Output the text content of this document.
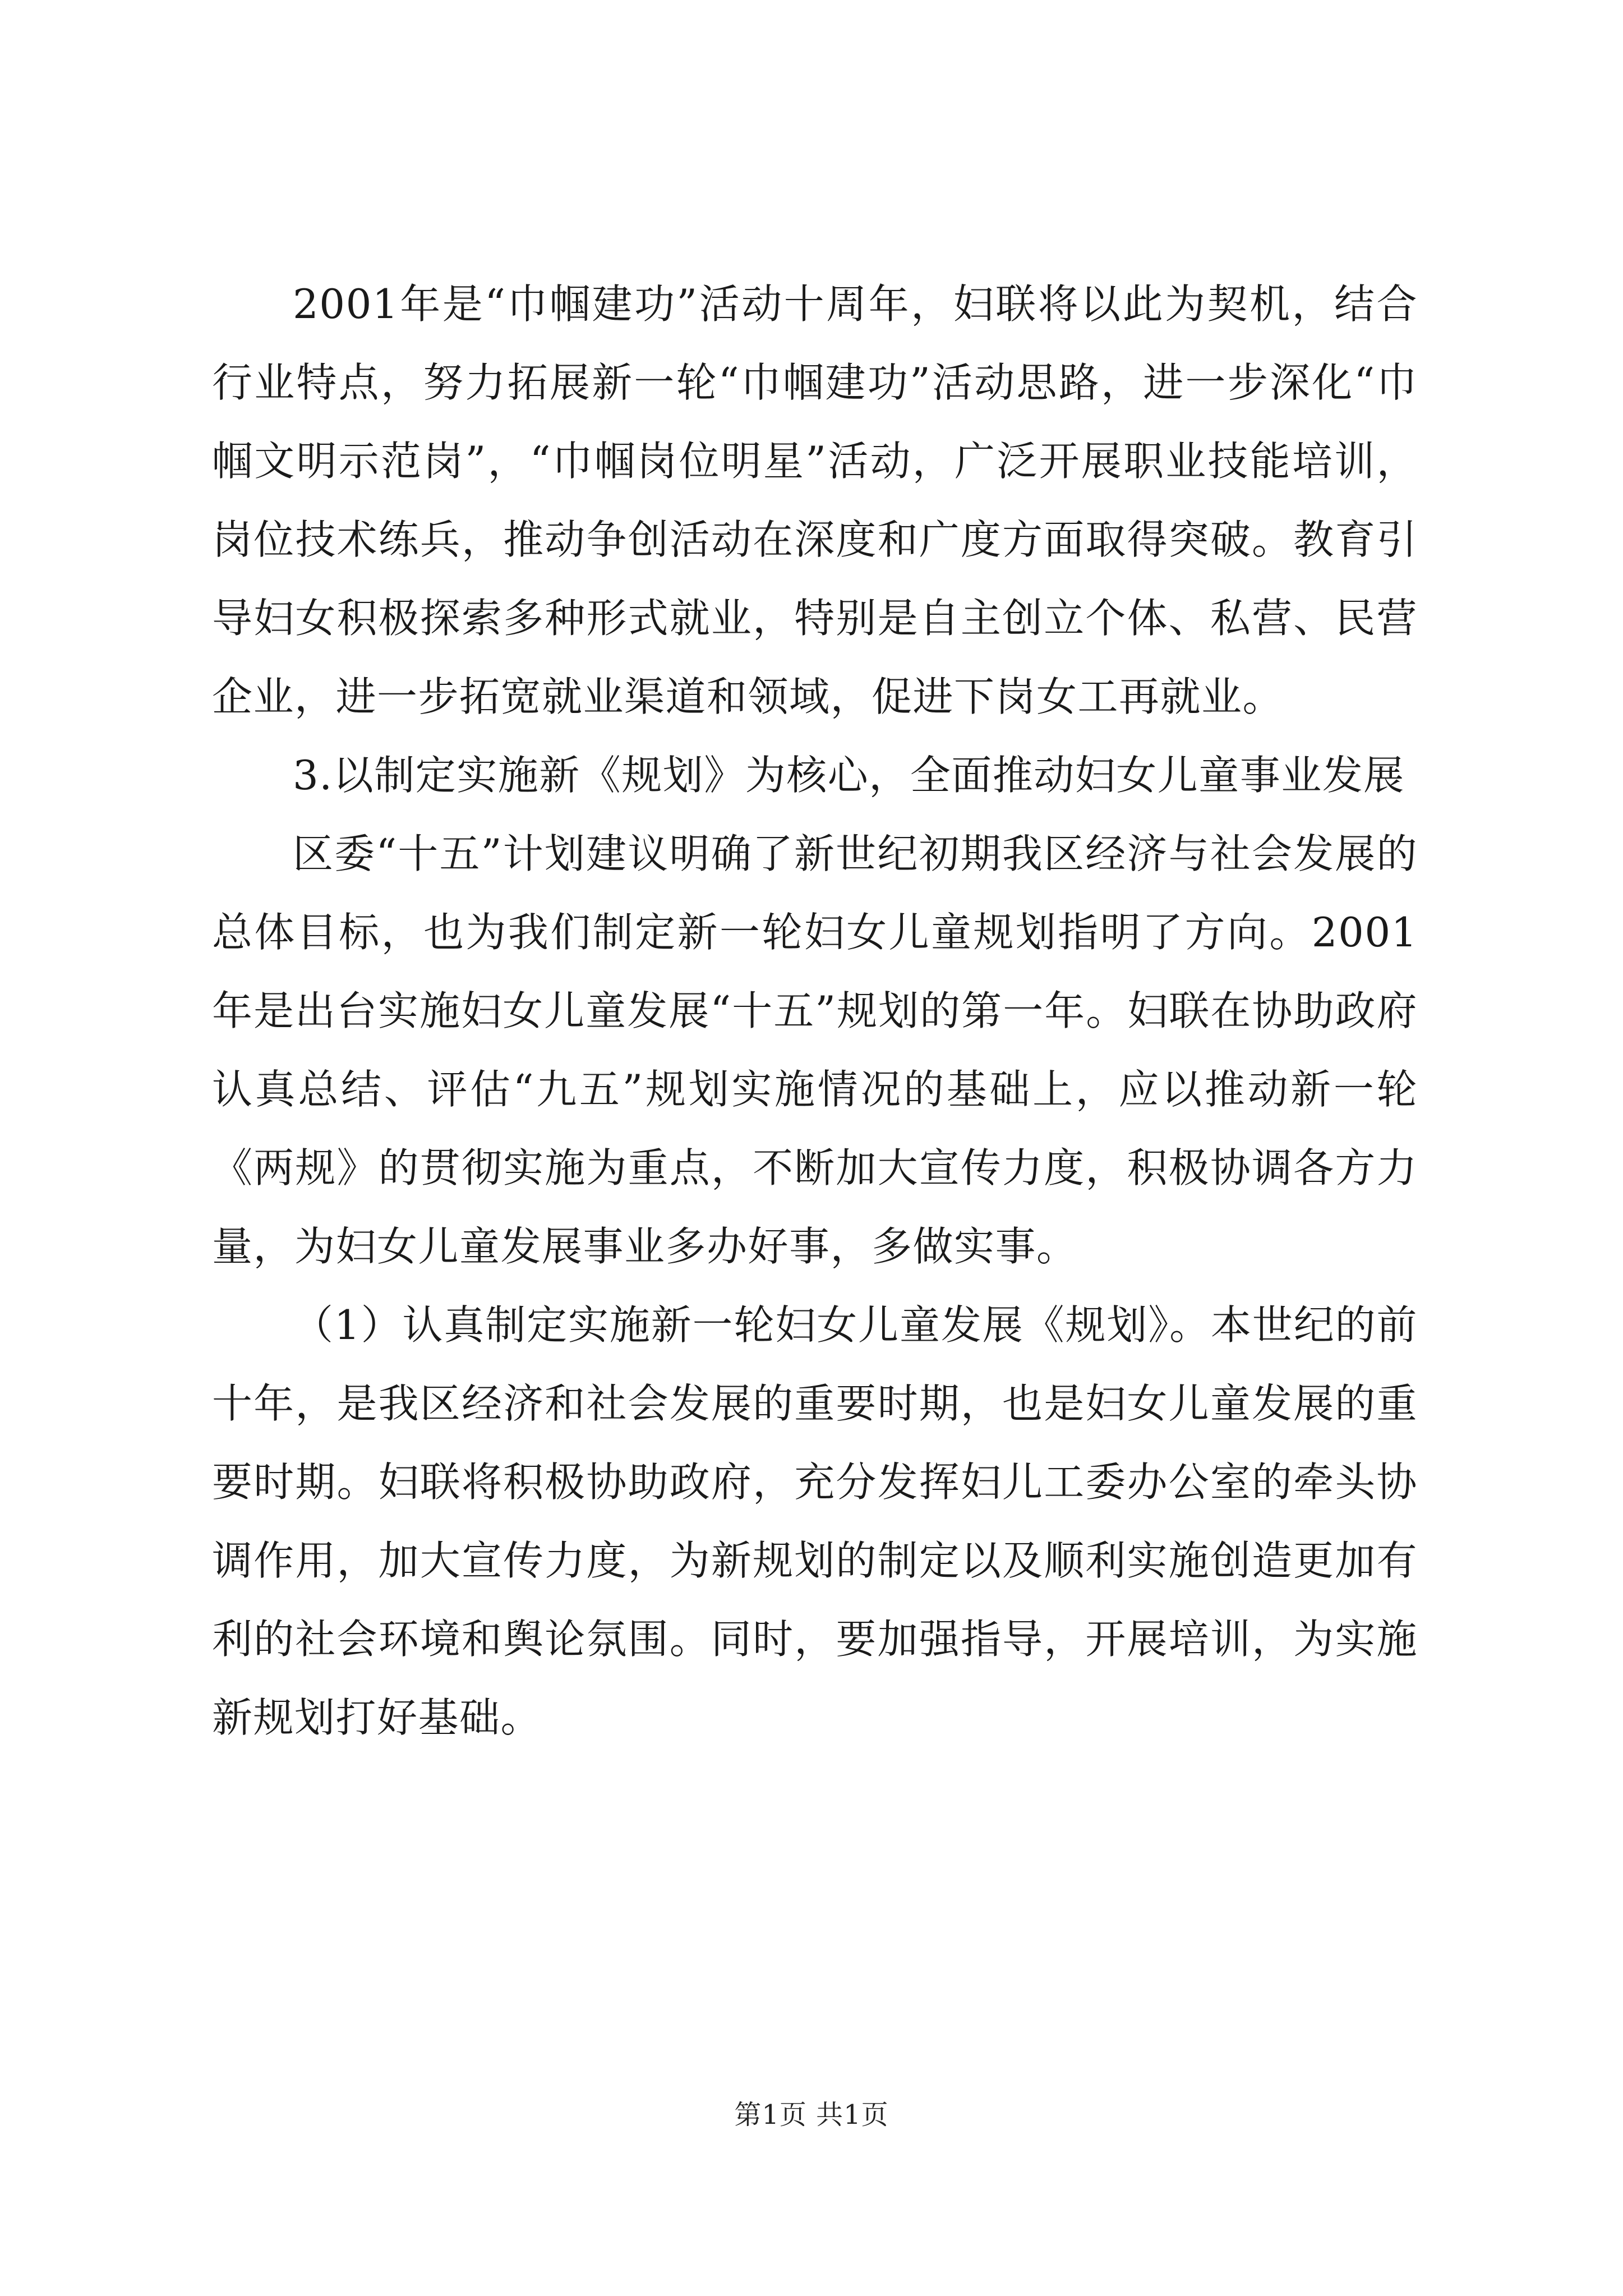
2001年是“巾帼建功”活动十周年，妇联将以此为契机，结合行业特点，努力拓展新一轮“巾帼建功”活动思路，进一步深化“巾帼文明示范岗”，“巾帼岗位明星”活动，广泛开展职业技能培训，岗位技术练兵，推动争创活动在深度和广度方面取得突破。教育引导妇女积极探索多种形式就业，特别是自主创立个体、私营、民营企业，进一步拓宽就业渠道和领域，促进下岗女工再就业。

3.以制定实施新《规划》为核心，全面推动妇女儿童事业发展

区委“十五”计划建议明确了新世纪初期我区经济与社会发展的总体目标，也为我们制定新一轮妇女儿童规划指明了方向。2001年是出台实施妇女儿童发展“十五”规划的第一年。妇联在协助政府认真总结、评估“九五”规划实施情况的基础上，应以推动新一轮《两规》的贯彻实施为重点，不断加大宣传力度，积极协调各方力量，为妇女儿童发展事业多办好事，多做实事。

（1）认真制定实施新一轮妇女儿童发展《规划》。本世纪的前十年，是我区经济和社会发展的重要时期，也是妇女儿童发展的重要时期。妇联将积极协助政府，充分发挥妇儿工委办公室的牵头协调作用，加大宣传力度，为新规划的制定以及顺利实施创造更加有利的社会环境和舆论氛围。同时，要加强指导，开展培训，为实施新规划打好基础。

第1页 共1页
